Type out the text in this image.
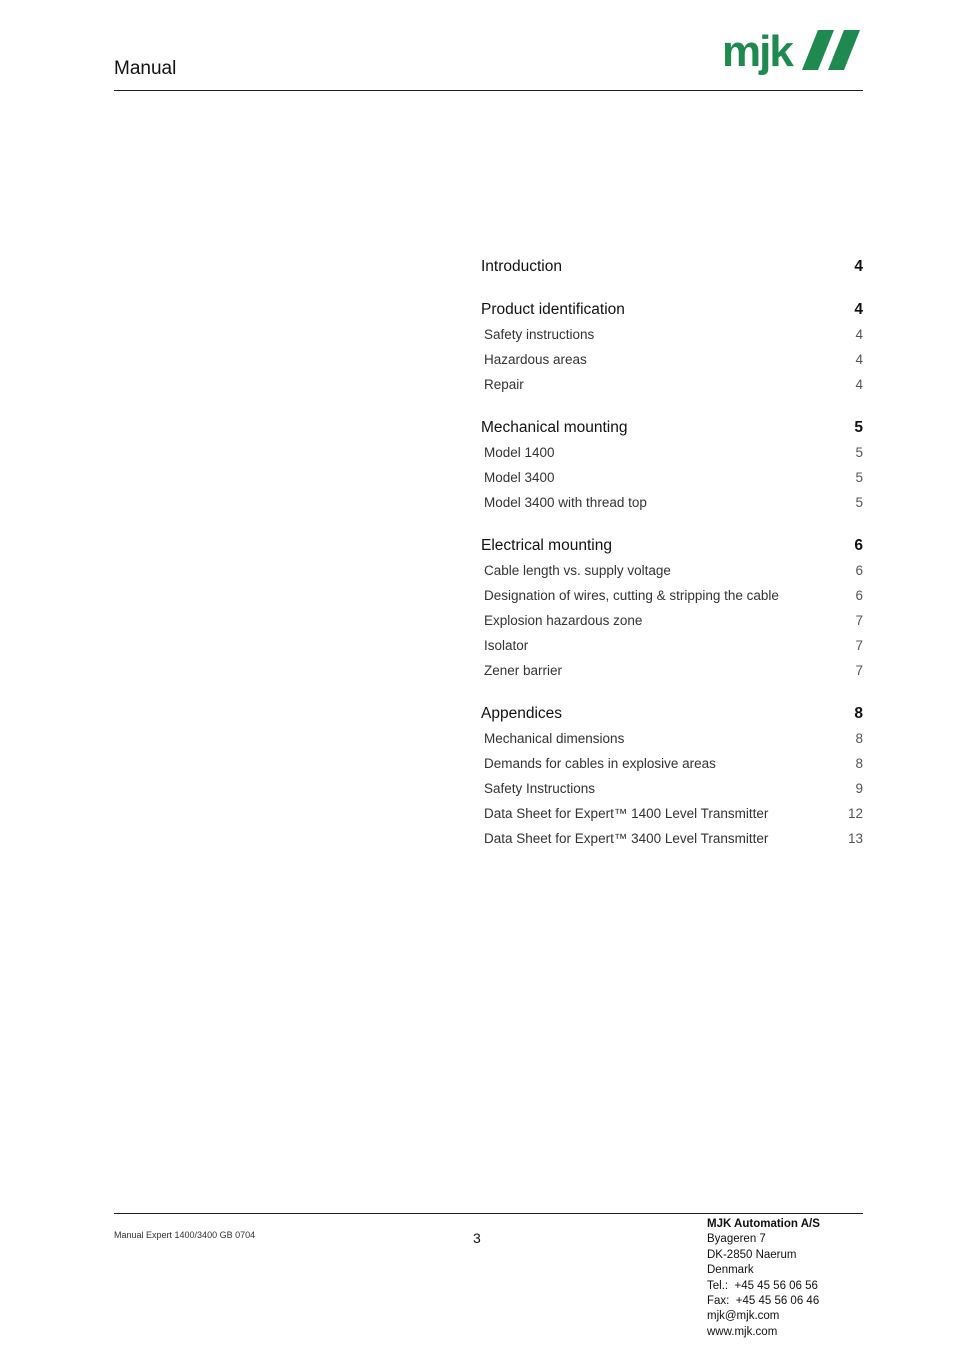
Manual	mjk
Introduction	4
Product identification	4
Safety instructions	4
Hazardous areas	4
Repair	4
Mechanical mounting	5
Model 1400	5
Model 3400	5
Model 3400 with thread top	5
Electrical mounting	6
Cable length vs. supply voltage	6
Designation of wires, cutting & stripping the cable	6
Explosion hazardous zone	7
Isolator	7
Zener barrier	7
Appendices	8
Mechanical dimensions	8
Demands for cables in explosive areas	8
Safety Instructions	9
Data Sheet for Expert™ 1400 Level Transmitter	12
Data Sheet for Expert™ 3400 Level Transmitter	13
Manual Expert 1400/3400 GB 0704	3
MJK Automation A/S
Byageren 7
DK-2850 Naerum
Denmark
Tel.:  +45 45 56 06 56
Fax:  +45 45 56 06 46
mjk@mjk.com
www.mjk.com
